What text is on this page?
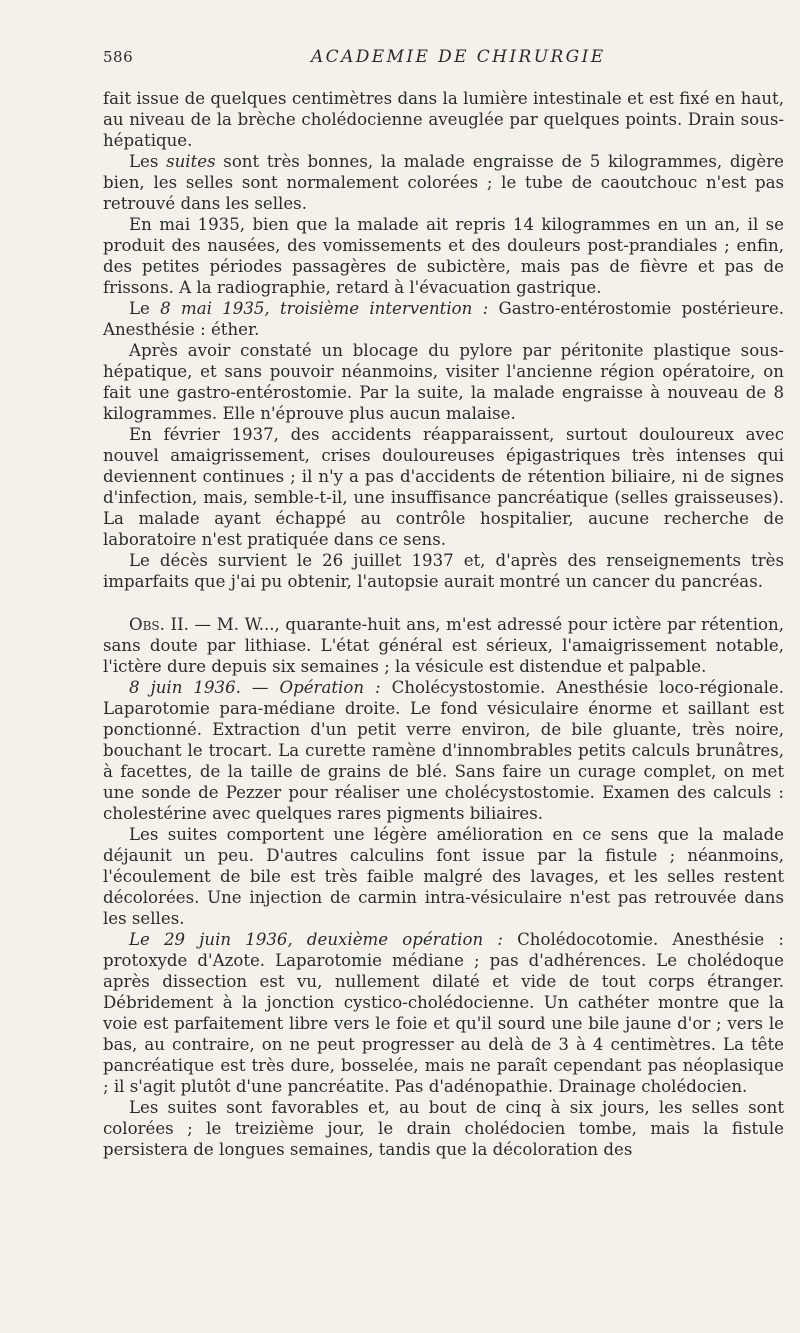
586	ACADEMIE DE CHIRURGIE

fait issue de quelques centimètres dans la lumière intestinale et est fixé en haut, au niveau de la brèche cholédocienne aveuglée par quelques points. Drain sous-hépatique.

Les suites sont très bonnes, la malade engraisse de 5 kilogrammes, digère bien, les selles sont normalement colorées ; le tube de caoutchouc n'est pas retrouvé dans les selles.

En mai 1935, bien que la malade ait repris 14 kilogrammes en un an, il se produit des nausées, des vomissements et des douleurs post-prandiales ; enfin, des petites périodes passagères de subictère, mais pas de fièvre et pas de frissons. A la radiographie, retard à l'évacuation gastrique.

Le 8 mai 1935, troisième intervention : Gastro-entérostomie postérieure. Anesthésie : éther.

Après avoir constaté un blocage du pylore par péritonite plastique sous-hépatique, et sans pouvoir néanmoins, visiter l'ancienne région opératoire, on fait une gastro-entérostomie. Par la suite, la malade engraisse à nouveau de 8 kilogrammes. Elle n'éprouve plus aucun malaise.

En février 1937, des accidents réapparaissent, surtout douloureux avec nouvel amaigrissement, crises douloureuses épigastriques très intenses qui deviennent continues ; il n'y a pas d'accidents de rétention biliaire, ni de signes d'infection, mais, semble-t-il, une insuffisance pancréatique (selles graisseuses). La malade ayant échappé au contrôle hospitalier, aucune recherche de laboratoire n'est pratiquée dans ce sens.

Le décès survient le 26 juillet 1937 et, d'après des renseignements très imparfaits que j'ai pu obtenir, l'autopsie aurait montré un cancer du pancréas.

Obs. II. — M. W..., quarante-huit ans, m'est adressé pour ictère par rétention, sans doute par lithiase. L'état général est sérieux, l'amaigrissement notable, l'ictère dure depuis six semaines ; la vésicule est distendue et palpable.

8 juin 1936. — Opération : Cholécystostomie. Anesthésie loco-régionale. Laparotomie para-médiane droite. Le fond vésiculaire énorme et saillant est ponctionné. Extraction d'un petit verre environ, de bile gluante, très noire, bouchant le trocart. La curette ramène d'innombrables petits calculs brunâtres, à facettes, de la taille de grains de blé. Sans faire un curage complet, on met une sonde de Pezzer pour réaliser une cholécystostomie. Examen des calculs : cholestérine avec quelques rares pigments biliaires.

Les suites comportent une légère amélioration en ce sens que la malade déjaunit un peu. D'autres calculins font issue par la fistule ; néanmoins, l'écoulement de bile est très faible malgré des lavages, et les selles restent décolorées. Une injection de carmin intra-vésiculaire n'est pas retrouvée dans les selles.

Le 29 juin 1936, deuxième opération : Cholédocotomie. Anesthésie : protoxyde d'Azote. Laparotomie médiane ; pas d'adhérences. Le cholédoque après dissection est vu, nullement dilaté et vide de tout corps étranger. Débridement à la jonction cystico-cholédocienne. Un cathéter montre que la voie est parfaitement libre vers le foie et qu'il sourd une bile jaune d'or ; vers le bas, au contraire, on ne peut progresser au delà de 3 à 4 centimètres. La tête pancréatique est très dure, bosselée, mais ne paraît cependant pas néoplasique ; il s'agit plutôt d'une pancréatite. Pas d'adénopathie. Drainage cholédocien.

Les suites sont favorables et, au bout de cinq à six jours, les selles sont colorées ; le treizième jour, le drain cholédocien tombe, mais la fistule persistera de longues semaines, tandis que la décoloration des
